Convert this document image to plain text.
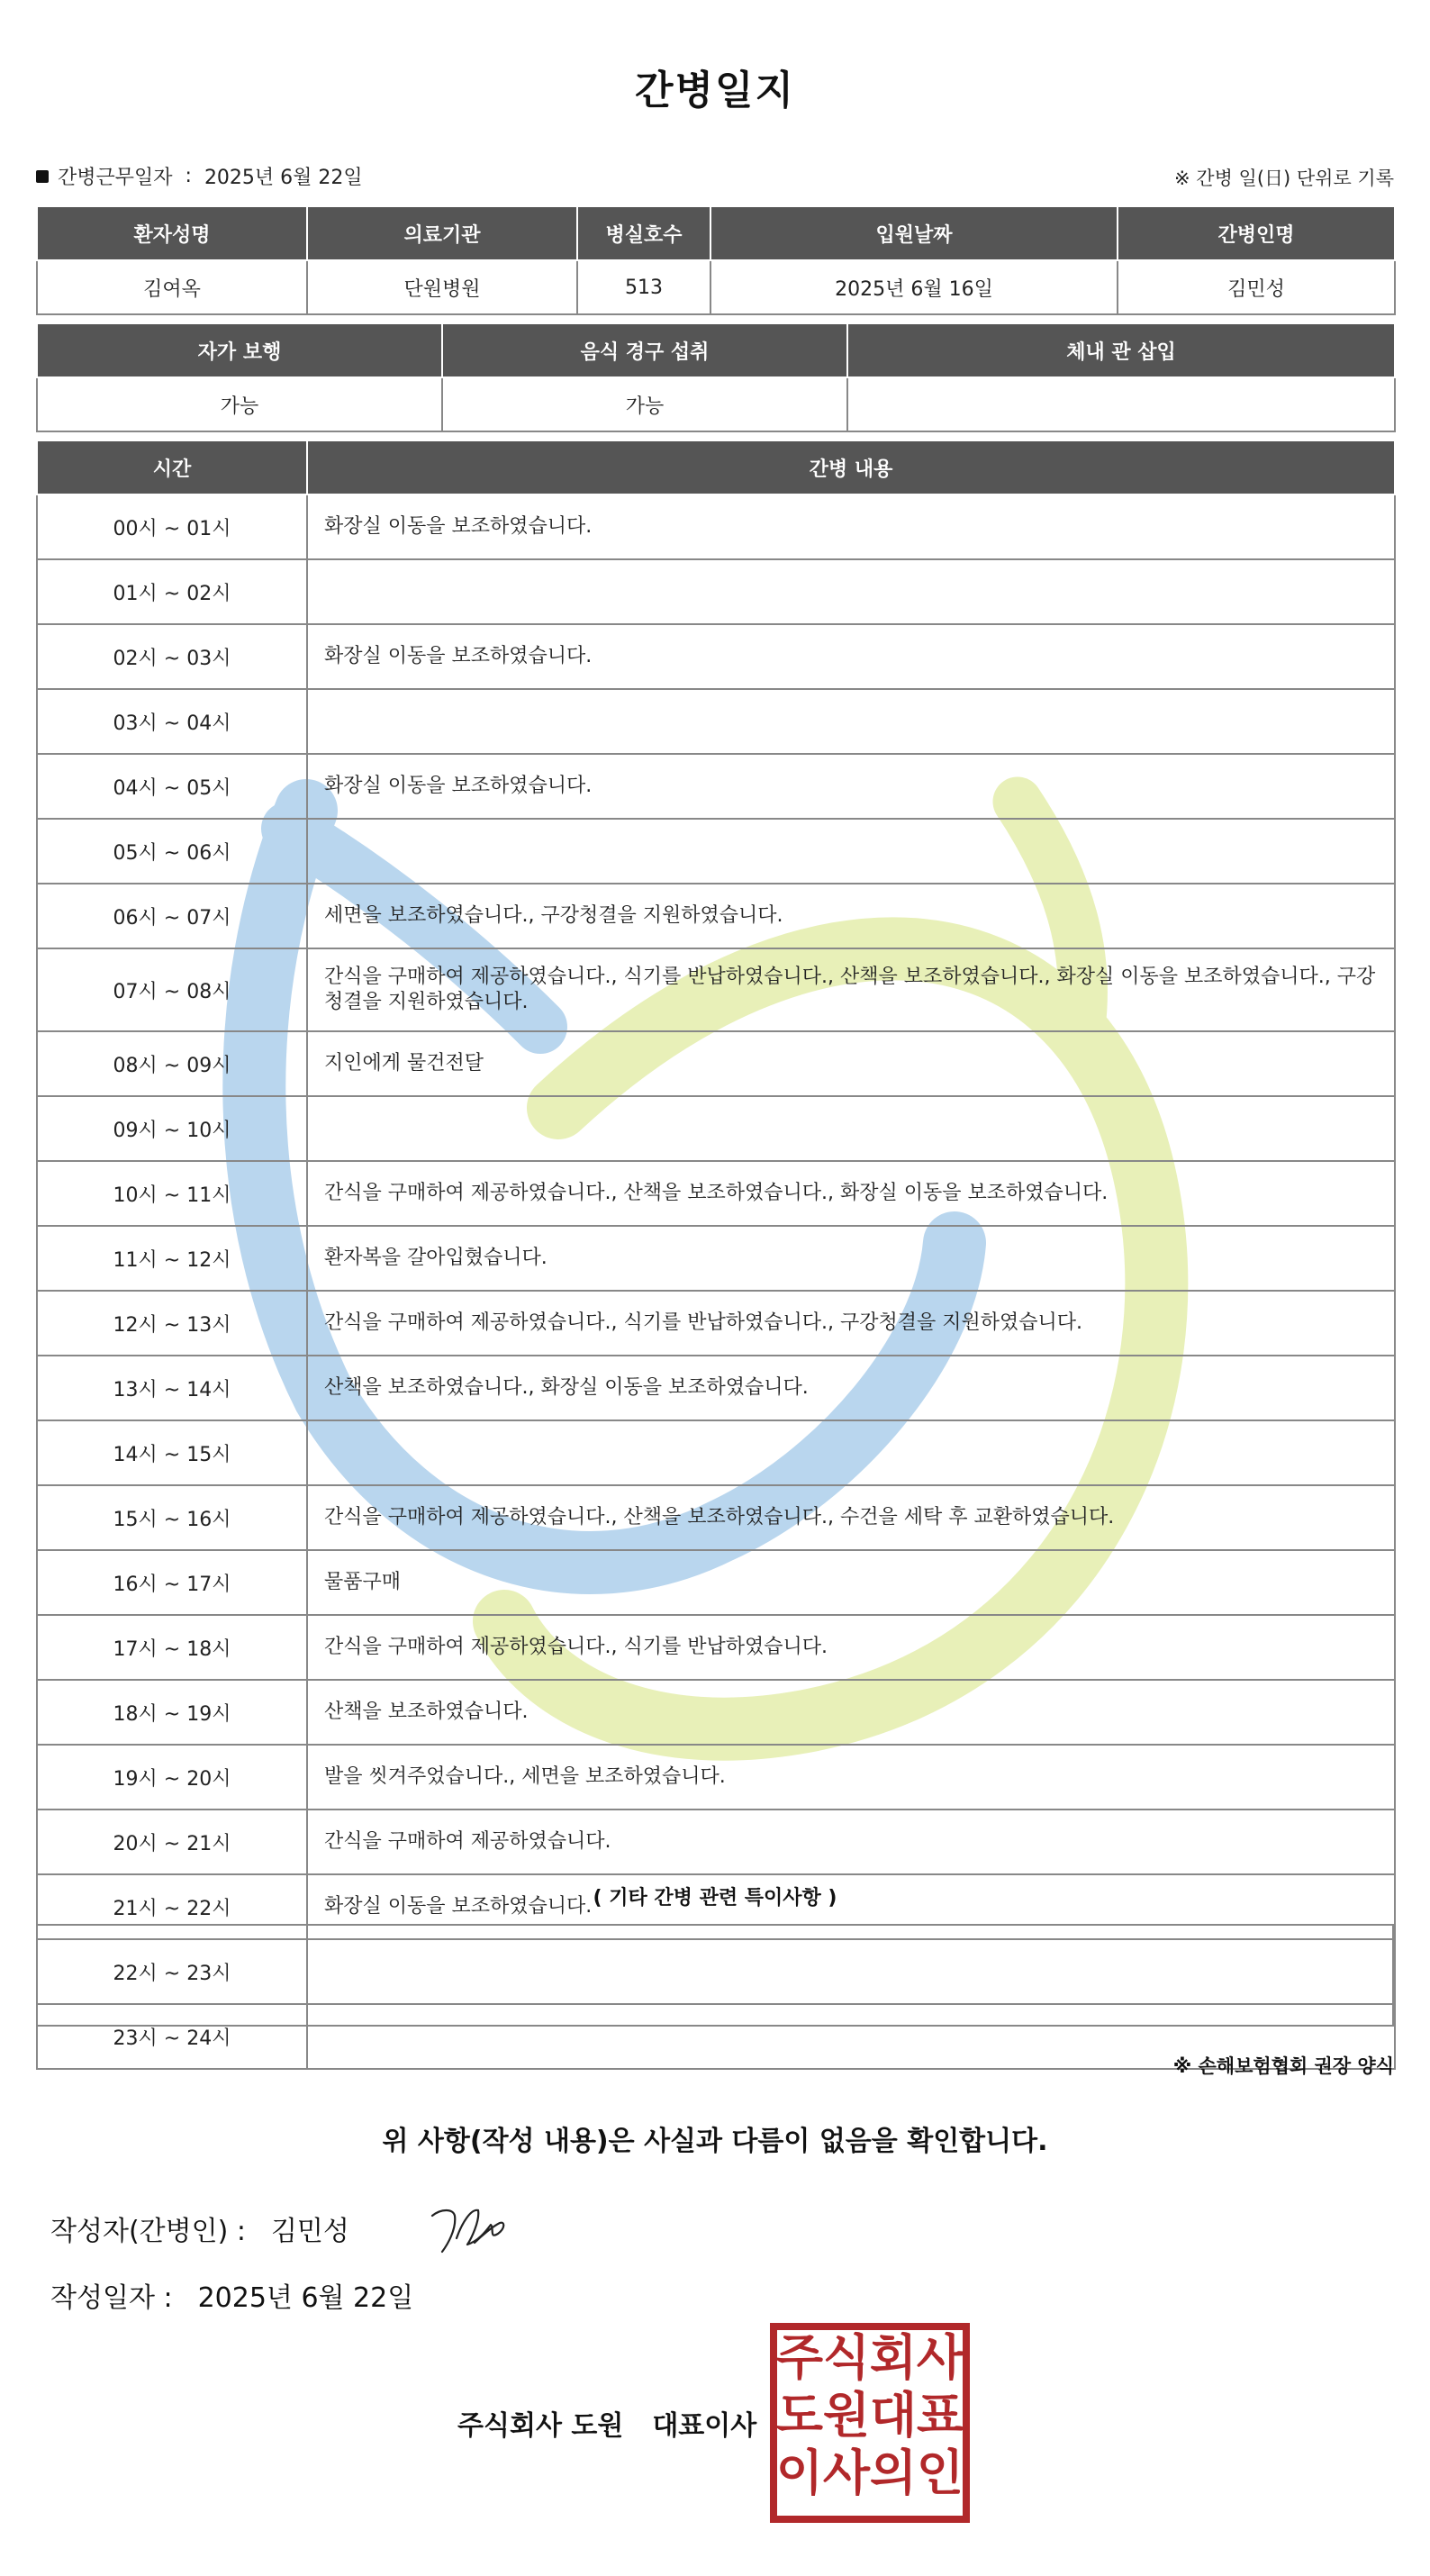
간병일지
간병근무일자 : 2025년 6월 22일	※ 간병 일(日) 단위로 기록
환자성명	의료기관	병실호수	입원날짜	간병인명
김여옥	단원병원	513	2025년 6월 16일	김민성
자가 보행	음식 경구 섭취	체내 관 삽입
가능	가능	
시간	간병 내용
00시 ~ 01시	화장실 이동을 보조하였습니다.
01시 ~ 02시	
02시 ~ 03시	화장실 이동을 보조하였습니다.
03시 ~ 04시	
04시 ~ 05시	화장실 이동을 보조하였습니다.
05시 ~ 06시	
06시 ~ 07시	세면을 보조하였습니다., 구강청결을 지원하였습니다.
07시 ~ 08시	간식을 구매하여 제공하였습니다., 식기를 반납하였습니다., 산책을 보조하였습니다., 화장실 이동을 보조하였습니다., 구강청결을 지원하였습니다.
08시 ~ 09시	지인에게 물건전달
09시 ~ 10시	
10시 ~ 11시	간식을 구매하여 제공하였습니다., 산책을 보조하였습니다., 화장실 이동을 보조하였습니다.
11시 ~ 12시	환자복을 갈아입혔습니다.
12시 ~ 13시	간식을 구매하여 제공하였습니다., 식기를 반납하였습니다., 구강청결을 지원하였습니다.
13시 ~ 14시	산책을 보조하였습니다., 화장실 이동을 보조하였습니다.
14시 ~ 15시	
15시 ~ 16시	간식을 구매하여 제공하였습니다., 산책을 보조하였습니다., 수건을 세탁 후 교환하였습니다.
16시 ~ 17시	물품구매
17시 ~ 18시	간식을 구매하여 제공하였습니다., 식기를 반납하였습니다.
18시 ~ 19시	산책을 보조하였습니다.
19시 ~ 20시	발을 씻겨주었습니다., 세면을 보조하였습니다.
20시 ~ 21시	간식을 구매하여 제공하였습니다.
21시 ~ 22시	화장실 이동을 보조하였습니다.
22시 ~ 23시	
23시 ~ 24시	
( 기타 간병 관련 특이사항 )
※ 손해보험협회 권장 양식
위 사항(작성 내용)은 사실과 다름이 없음을 확인합니다.
작성자(간병인) : 김민성
작성일자 : 2025년 6월 22일
주식회사 도원 대표이사
주 식 회 사
도 원 대 표
이 사 의 인
